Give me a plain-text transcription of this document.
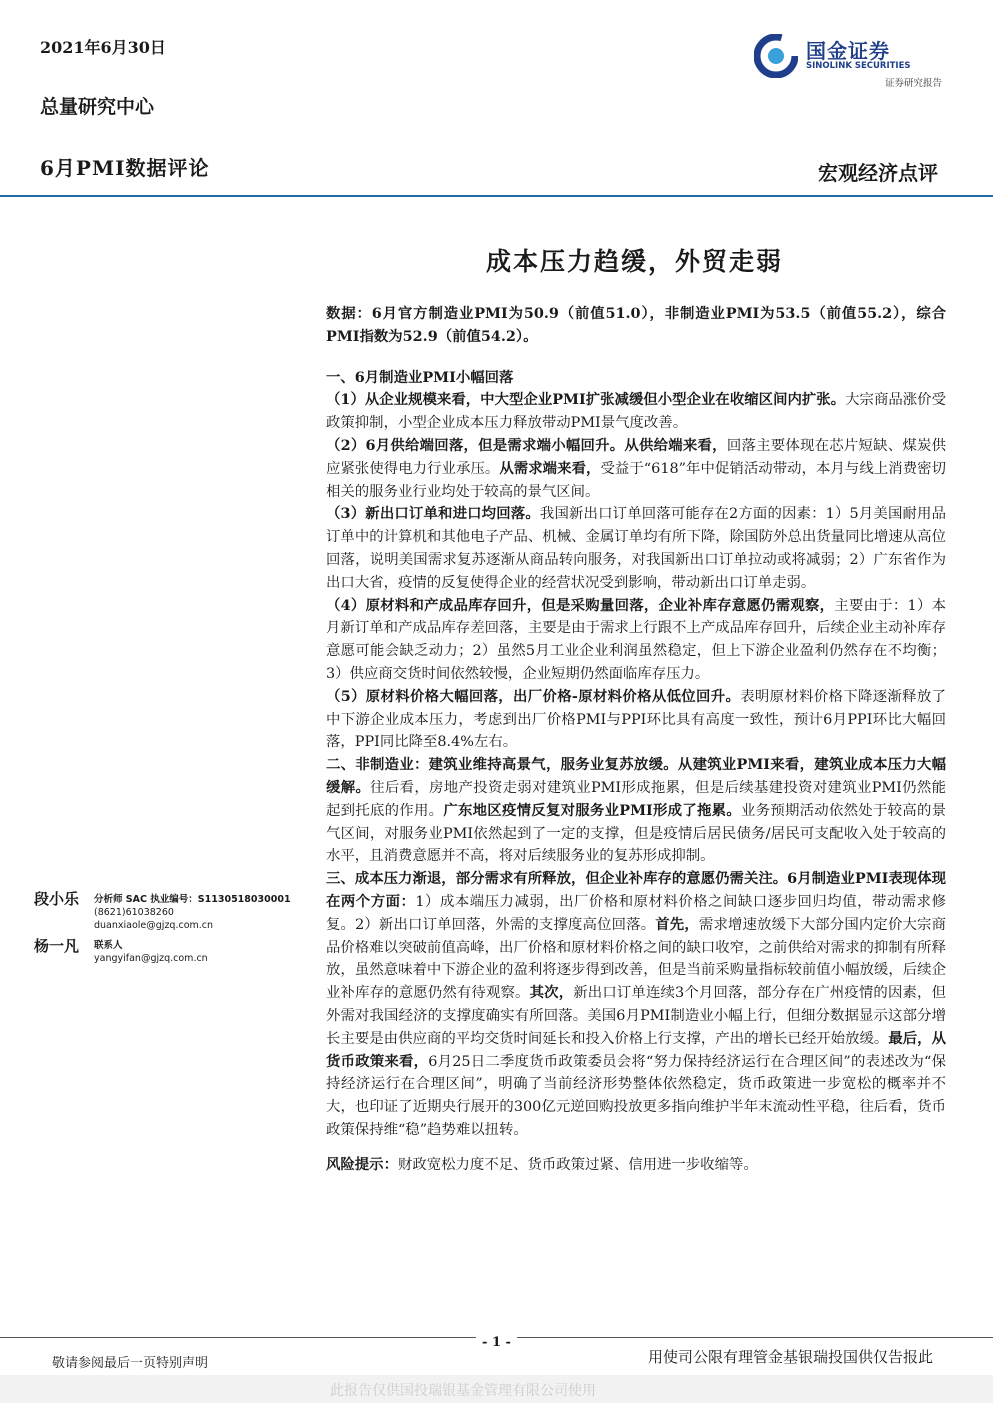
2021年6月30日
总量研究中心
6月PMI数据评论	宏观经济点评
国金证券
SINOLINK SECURITIES
证券研究报告
成本压力趋缓，外贸走弱

数据：6月官方制造业PMI为50.9（前值51.0），非制造业PMI为53.5（前值55.2），综合PMI指数为52.9（前值54.2）。

一、6月制造业PMI小幅回落

（1）从企业规模来看，中大型企业PMI扩张减缓但小型企业在收缩区间内扩张。大宗商品涨价受政策抑制，小型企业成本压力释放带动PMI景气度改善。

（2）6月供给端回落，但是需求端小幅回升。从供给端来看，回落主要体现在芯片短缺、煤炭供应紧张使得电力行业承压。从需求端来看，受益于“618”年中促销活动带动，本月与线上消费密切相关的服务业行业均处于较高的景气区间。

（3）新出口订单和进口均回落。我国新出口订单回落可能存在2方面的因素：1）5月美国耐用品订单中的计算机和其他电子产品、机械、金属订单均有所下降，除国防外总出货量同比增速从高位回落，说明美国需求复苏逐渐从商品转向服务，对我国新出口订单拉动或将减弱；2）广东省作为出口大省，疫情的反复使得企业的经营状况受到影响，带动新出口订单走弱。

（4）原材料和产成品库存回升，但是采购量回落，企业补库存意愿仍需观察，主要由于：1）本月新订单和产成品库存差回落，主要是由于需求上行跟不上产成品库存回升，后续企业主动补库存意愿可能会缺乏动力；2）虽然5月工业企业利润虽然稳定，但上下游企业盈利仍然存在不均衡；3）供应商交货时间依然较慢，企业短期仍然面临库存压力。

（5）原材料价格大幅回落，出厂价格-原材料价格从低位回升。表明原材料价格下降逐渐释放了中下游企业成本压力，考虑到出厂价格PMI与PPI环比具有高度一致性，预计6月PPI环比大幅回落，PPI同比降至8.4%左右。

二、非制造业：建筑业维持高景气，服务业复苏放缓。从建筑业PMI来看，建筑业成本压力大幅缓解。往后看，房地产投资走弱对建筑业PMI形成拖累，但是后续基建投资对建筑业PMI仍然能起到托底的作用。广东地区疫情反复对服务业PMI形成了拖累。业务预期活动依然处于较高的景气区间，对服务业PMI依然起到了一定的支撑，但是疫情后居民债务/居民可支配收入处于较高的水平，且消费意愿并不高，将对后续服务业的复苏形成抑制。

三、成本压力渐退，部分需求有所释放，但企业补库存的意愿仍需关注。6月制造业PMI表现体现在两个方面：1）成本端压力减弱，出厂价格和原材料价格之间缺口逐步回归均值，带动需求修复。2）新出口订单回落，外需的支撑度高位回落。首先，需求增速放缓下大部分国内定价大宗商品价格难以突破前值高峰，出厂价格和原材料价格之间的缺口收窄，之前供给对需求的抑制有所释放，虽然意味着中下游企业的盈利将逐步得到改善，但是当前采购量指标较前值小幅放缓，后续企业补库存的意愿仍然有待观察。其次，新出口订单连续3个月回落，部分存在广州疫情的因素，但外需对我国经济的支撑度确实有所回落。美国6月PMI制造业小幅上行，但细分数据显示这部分增长主要是由供应商的平均交货时间延长和投入价格上行支撑，产出的增长已经开始放缓。最后，从货币政策来看，6月25日二季度货币政策委员会将“努力保持经济运行在合理区间”的表述改为“保持经济运行在合理区间”，明确了当前经济形势整体依然稳定，货币政策进一步宽松的概率并不大，也印证了近期央行展开的300亿元逆回购投放更多指向维护半年末流动性平稳，往后看，货币政策保持维“稳”趋势难以扭转。

风险提示：财政宽松力度不足、货币政策过紧、信用进一步收缩等。

段小乐 分析师 SAC 执业编号：S1130518030001
(8621)61038260
duanxiaole@gjzq.com.cn
杨一凡 联系人
yangyifan@gjzq.com.cn
- 1 -
敬请参阅最后一页特别声明	用使司公限有理管金基银瑞投国供仅告报此
此报告仅供国投瑞银基金管理有限公司使用
